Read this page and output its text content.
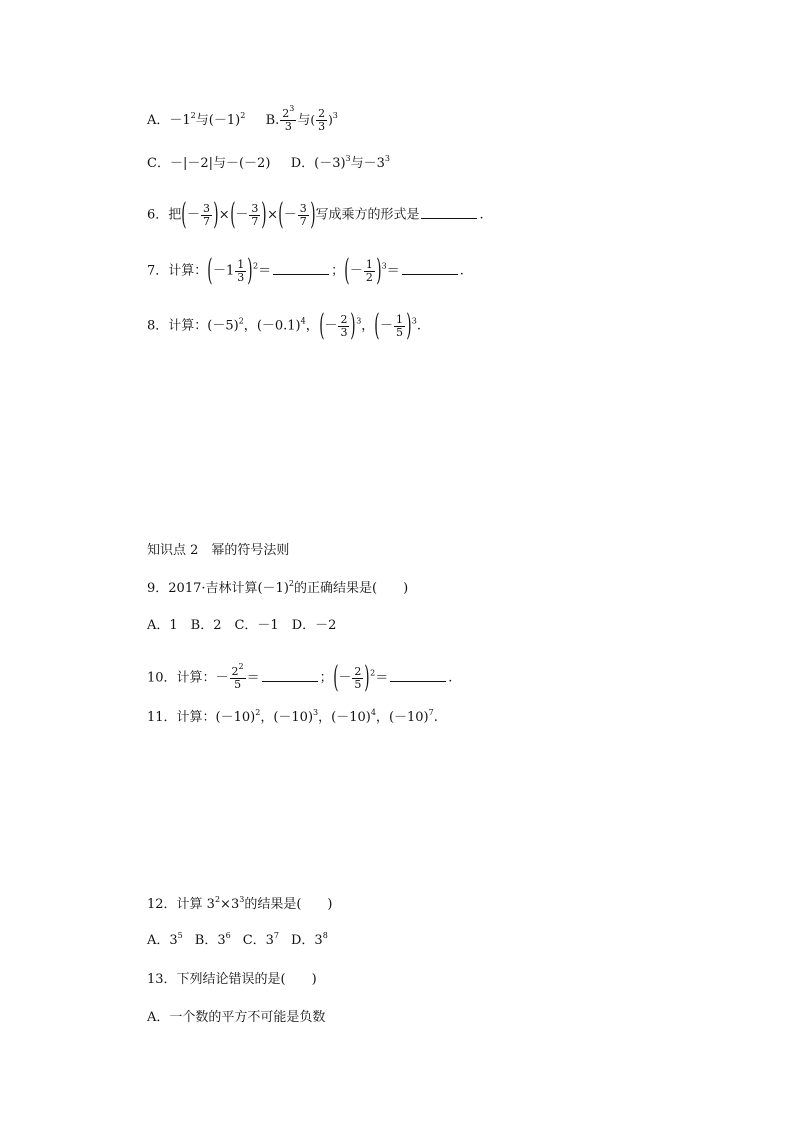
A．$-1^2$与$(-1)^2$ B. $\frac{2^3}{3}$ 与( $\frac{2}{3} )^3$
C．－|－2|与－(－2) D．$(-3)^3$与$-3^3$
6．把(－ $\frac{3}{7}$ )×(－ $\frac{3}{7}$ )×(－ $\frac{3}{7}$ )写成乘方的形式是	.
7．计算：$(-1 \frac{1}{3} )^2=$	；(－ $\frac{1}{2} )^3=$	.
8．计算：$(-5)^2$，$(-0.1)^4$，(－ $\frac{2}{3} )^3$，(－ $\frac{1}{5} )^3$.
知识点 2　幂的符号法则
9．2017·吉林计算$(-1)^2$的正确结果是(　　)
A．1　B．2　C．－1　D．－2
10．计算：－ $\frac{2^2}{5}$ ＝	；(－ $\frac{2}{5} )^2=$	.
11．计算：$(-10)^2$，$(-10)^3$，$(-10)^4$，$(-10)^7$.
12．计算 $3^2\times 3^3$的结果是(　　)
A．$3^5$ B．$3^6$ C．$3^7$ D．$3^8$
13．下列结论错误的是(　　)
A．一个数的平方不可能是负数
